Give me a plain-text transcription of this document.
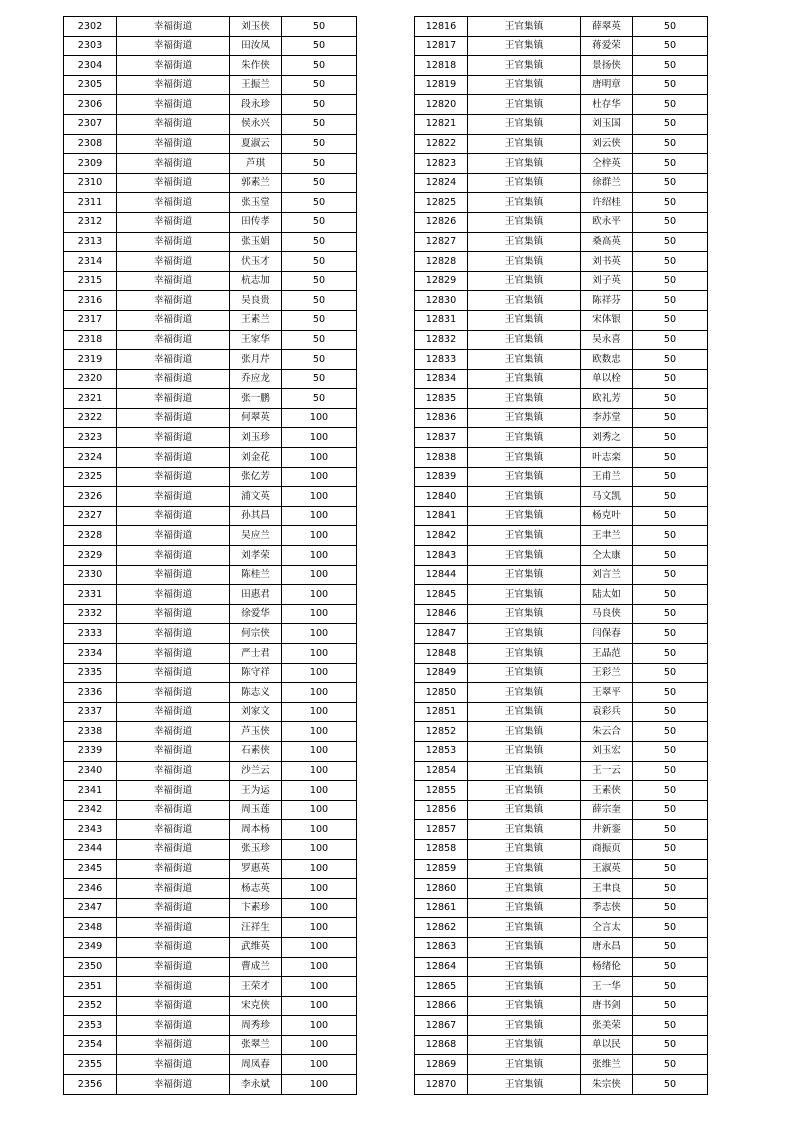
2302	幸福街道	刘玉侠	50
2303	幸福街道	田汝凤	50
2304	幸福街道	朱作侠	50
2305	幸福街道	王振兰	50
2306	幸福街道	段永珍	50
2307	幸福街道	侯永兴	50
2308	幸福街道	夏淑云	50
2309	幸福街道	芦琪	50
2310	幸福街道	郭素兰	50
2311	幸福街道	张玉堂	50
2312	幸福街道	田传孝	50
2313	幸福街道	张玉娟	50
2314	幸福街道	伏玉才	50
2315	幸福街道	杭志加	50
2316	幸福街道	吴良贵	50
2317	幸福街道	王素兰	50
2318	幸福街道	王家华	50
2319	幸福街道	张月芹	50
2320	幸福街道	乔应龙	50
2321	幸福街道	张一鹏	50
2322	幸福街道	何翠英	100
2323	幸福街道	刘玉珍	100
2324	幸福街道	刘金花	100
2325	幸福街道	张亿芳	100
2326	幸福街道	浦文英	100
2327	幸福街道	孙其昌	100
2328	幸福街道	吴应兰	100
2329	幸福街道	刘孝荣	100
2330	幸福街道	陈桂兰	100
2331	幸福街道	田惠君	100
2332	幸福街道	徐爱华	100
2333	幸福街道	何宗侠	100
2334	幸福街道	严士君	100
2335	幸福街道	陈守祥	100
2336	幸福街道	陈志义	100
2337	幸福街道	刘家文	100
2338	幸福街道	芦玉侠	100
2339	幸福街道	石素侠	100
2340	幸福街道	沙兰云	100
2341	幸福街道	王为运	100
2342	幸福街道	周玉莲	100
2343	幸福街道	周本杨	100
2344	幸福街道	张玉珍	100
2345	幸福街道	罗惠英	100
2346	幸福街道	杨志英	100
2347	幸福街道	卞素珍	100
2348	幸福街道	汪祥生	100
2349	幸福街道	武维英	100
2350	幸福街道	曹成兰	100
2351	幸福街道	王荣才	100
2352	幸福街道	宋克侠	100
2353	幸福街道	周秀珍	100
2354	幸福街道	张翠兰	100
2355	幸福街道	周凤春	100
2356	幸福街道	李永斌	100
12816	王官集镇	薛翠英	50
12817	王官集镇	蒋爱荣	50
12818	王官集镇	景扬侠	50
12819	王官集镇	唐明章	50
12820	王官集镇	杜存华	50
12821	王官集镇	刘玉国	50
12822	王官集镇	刘云侠	50
12823	王官集镇	仝梓英	50
12824	王官集镇	徐群兰	50
12825	王官集镇	许绍桂	50
12826	王官集镇	欧永平	50
12827	王官集镇	桑高英	50
12828	王官集镇	刘书英	50
12829	王官集镇	刘子英	50
12830	王官集镇	陈祥芬	50
12831	王官集镇	宋体银	50
12832	王官集镇	吴永喜	50
12833	王官集镇	欧数忠	50
12834	王官集镇	单以栓	50
12835	王官集镇	欧礼芳	50
12836	王官集镇	李苏堂	50
12837	王官集镇	刘秀之	50
12838	王官集镇	叶志栾	50
12839	王官集镇	王甫兰	50
12840	王官集镇	马文凯	50
12841	王官集镇	杨克叶	50
12842	王官集镇	王聿兰	50
12843	王官集镇	仝太康	50
12844	王官集镇	刘言兰	50
12845	王官集镇	陆太如	50
12846	王官集镇	马良侠	50
12847	王官集镇	闫保春	50
12848	王官集镇	王晶范	50
12849	王官集镇	王彩兰	50
12850	王官集镇	王翠平	50
12851	王官集镇	袁彩兵	50
12852	王官集镇	朱云合	50
12853	王官集镇	刘玉宏	50
12854	王官集镇	王一云	50
12855	王官集镇	王素侠	50
12856	王官集镇	薛宗奎	50
12857	王官集镇	井新銮	50
12858	王官集镇	商振页	50
12859	王官集镇	王淑英	50
12860	王官集镇	王聿良	50
12861	王官集镇	季志侠	50
12862	王官集镇	仝言太	50
12863	王官集镇	唐永昌	50
12864	王官集镇	杨绪伦	50
12865	王官集镇	王一华	50
12866	王官集镇	唐书剑	50
12867	王官集镇	张美荣	50
12868	王官集镇	单以民	50
12869	王官集镇	张维兰	50
12870	王官集镇	朱宗侠	50
